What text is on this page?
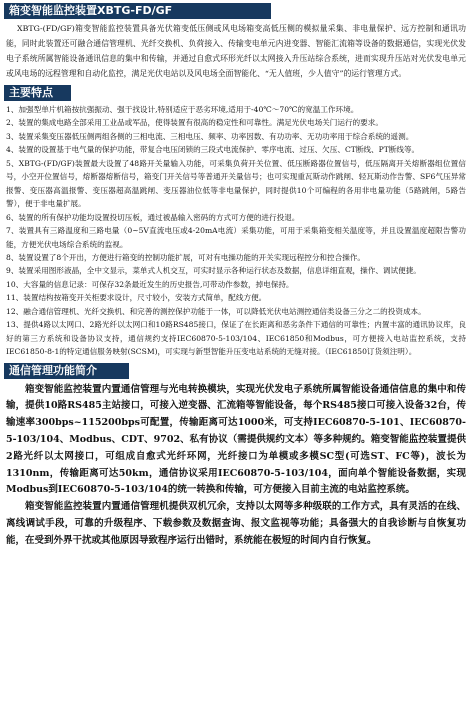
箱变智能监控装置XBTG-FD/GF

XBTG-(FD/GF)箱变智能监控装置具备光伏箱变低压侧或风电场箱变高低压侧的模拟量采集、非电量保护、远方控制和通讯功能，同时此装置还可融合通信管理机、光纤交换机、负荷接入、传输变电单元内进变器、智能汇流箱等设备的数据通信，实现光伏发电子系统所属智能设备通讯信息的集中和传输，并通过自愈式环形光纤以太网接入升压站综合系统，进而实现升压站对光伏发电单元或风电场的远程管理和自动化监控，满足光伏电站以及风电场全面智能化、“无人值班，少人值守”的运行管理方式。

主要特点

1、加强型单片机箱按抗强振动、强于找设计,特别适应于恶劣环境,适用于-40℃～70℃的宽温工作环境。

2、装置的集成电路全部采用工业品或军品，使得装置有很高的稳定性和可靠性。满足光伏电场关门运行的要求。

3、装置采集变压器低压侧两组各侧的三相电流、三相电压、频率、功率因数、有功功率、无功功率用于综合系统的遥测。

4、装置的设置基于电气量的保护功能，带复合电压闭锁的三段式电流保护、零序电流、过压、欠压、CT断线、PT断线等。

5、XBTG-(FD/GF)装置最大设置了48路开关量输入功能，可采集负荷开关位置、低压断路器位置信号，低压隔离开关熔断器组位置信号，小空开位置信号，熔断器熔断信号，箱变门开关信号等普通开关量信号；也可实现重瓦斯动作跳闸、轻瓦斯动作告警、SF6气压异常报警、变压器高温报警、变压器超高温跳闸、变压器油位低等非电量保护，同时提供10个可编程的各用非电量功能（5路跳闸，5路告警），便于非电量扩展。

6、装置的所有保护功能均设置投切压板，通过被晶输入密码的方式可方便的进行投退。

7、装置具有三路温度和三路电量（0~5V直流电压或4-20mA电流）采集功能，可用于采集箱变相关温度等，并且设置温度超限告警功能，方便光伏电场综合系统的监视。

8、装置设置了8个开出，方便进行箱变的控制功能扩展，可对有电操功能的开关实现远程控分和控合操作。

9、装置采用图形液晶，全中文显示，菜单式人机交互，可实时显示各种运行状态及数据，信息详细直观，操作、调试便捷。

10、大容量的信息记录：可保存32条最近发生的历史报告,可带动作参数，掉电保持。

11、装置结构按箱变开关柜要求设计，尺寸较小，安装方式简单，配线方便。

12、融合通信管理机、光纤交换机、和完善的测控保护功能于一体，可以降低光伏电站测控通信类设备三分之二的投资成本。

13、提供4路以太网口、2路光纤以太网口和10路RS485接口，保证了在长距离和恶劣条件下通信的可靠性；内置丰富的通讯协议库，良好的第三方系统和设备协议支持，通信规约支持IEC60870-5-103/104、IEC61850和Modbus，可方便接入电站监控系统，支持IEC61850-8-1的特定通信服务映射(SCSM)，可实现与新型智能升压变电站系统的无缝对接。（IEC61850订货须注明）。

通信管理功能简介

箱变智能监控装置内置通信管理与光电转换模块，实现光伏发电子系统所属智能设备通信信息的集中和传输，提供10路RS485主站接口，可接入逆变器、汇流箱等智能设备，每个RS485接口可接入设备32台，传输速率300bps~115200bps可配置，传输距离可达1000米，可支持IEC60870-5-101、IEC60870-5-103/104、Modbus、CDT、9702、私有协议（需提供规约文本）等多种规约。箱变智能监控装置提供2路光纤以太网接口，可组成自愈式光纤环网，光纤接口为单模或多模SC型(可选ST、FC等)，波长为1310nm，传输距离可达50km，通信协议采用IEC60870-5-103/104，面向单个智能设备数据，实现Modbus到IEC60870-5-103/104的统一转换和传输，可方便接入目前主流的电站监控系统。

箱变智能监控装置内置通信管理机提供双机冗余，支持以太网等多种级联的工作方式，具有灵活的在线、离线调试手段，可靠的升级程序、下载参数及数据查询、报文监视等功能；具备强大的自我诊断与自恢复功能，在受到外界干扰或其他原因导致程序运行出错时，系统能在极短的时间内自行恢复。
